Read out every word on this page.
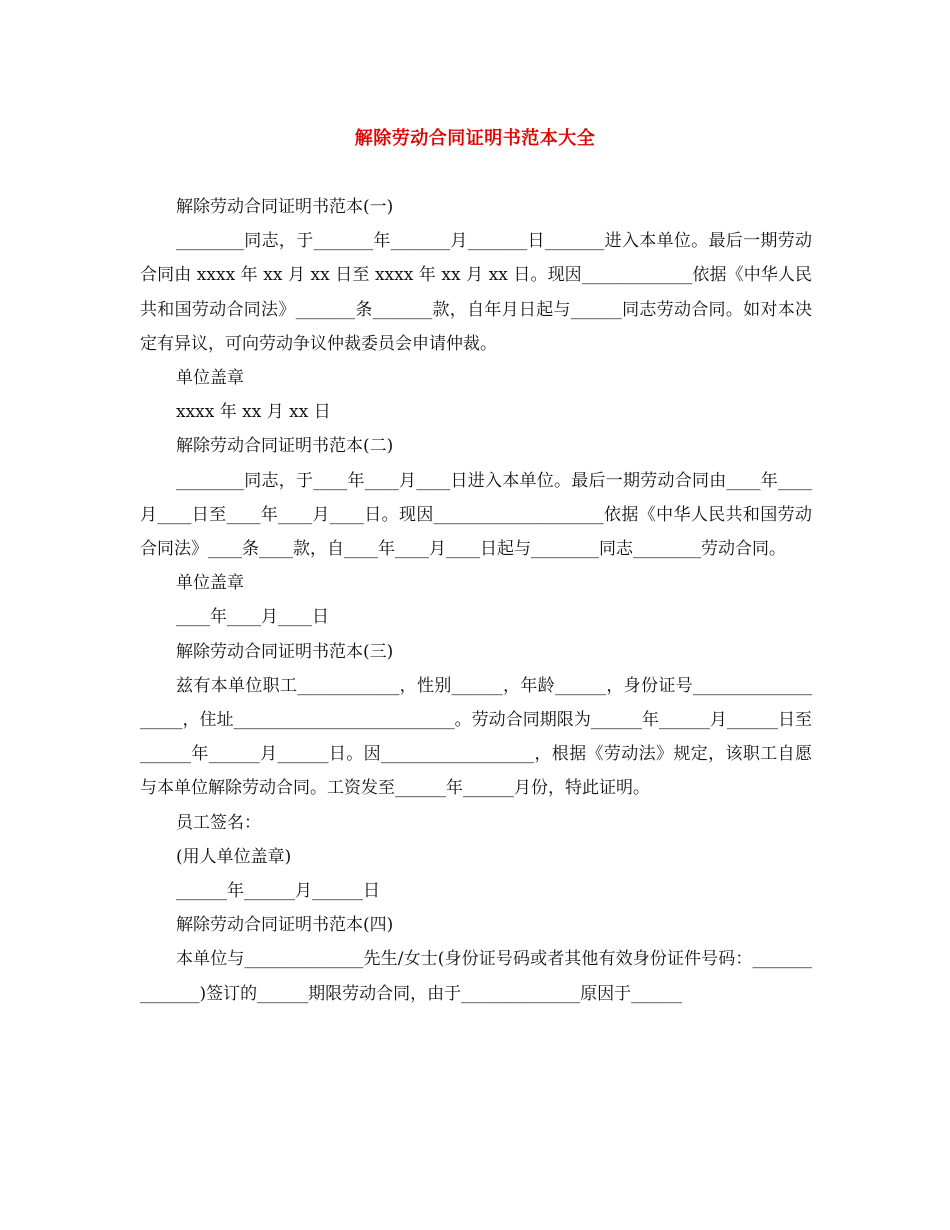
解除劳动合同证明书范本大全

解除劳动合同证明书范本(一)

________同志，于_______年_______月_______日_______进入本单位。最后一期劳动合同由 xxxx 年 xx 月 xx 日至 xxxx 年 xx 月 xx 日。现因_____________依据《中华人民共和国劳动合同法》_______条_______款，自年月日起与______同志劳动合同。如对本决定有异议，可向劳动争议仲裁委员会申请仲裁。

单位盖章

xxxx 年 xx 月 xx 日

解除劳动合同证明书范本(二)

________同志，于____年____月____日进入本单位。最后一期劳动合同由____年____月____日至____年____月____日。现因____________________依据《中华人民共和国劳动合同法》____条____款，自____年____月____日起与________同志________劳动合同。

单位盖章

____年____月____日

解除劳动合同证明书范本(三)

兹有本单位职工____________，性别______，年龄______，身份证号___________________，住址__________________________。劳动合同期限为______年______月______日至______年______月______日。因__________________，根据《劳动法》规定，该职工自愿与本单位解除劳动合同。工资发至______年______月份，特此证明。

员工签名：

(用人单位盖章)

______年______月______日

解除劳动合同证明书范本(四)

本单位与______________先生/女士(身份证号码或者其他有效身份证件号码：______________)签订的______期限劳动合同，由于______________原因于______
